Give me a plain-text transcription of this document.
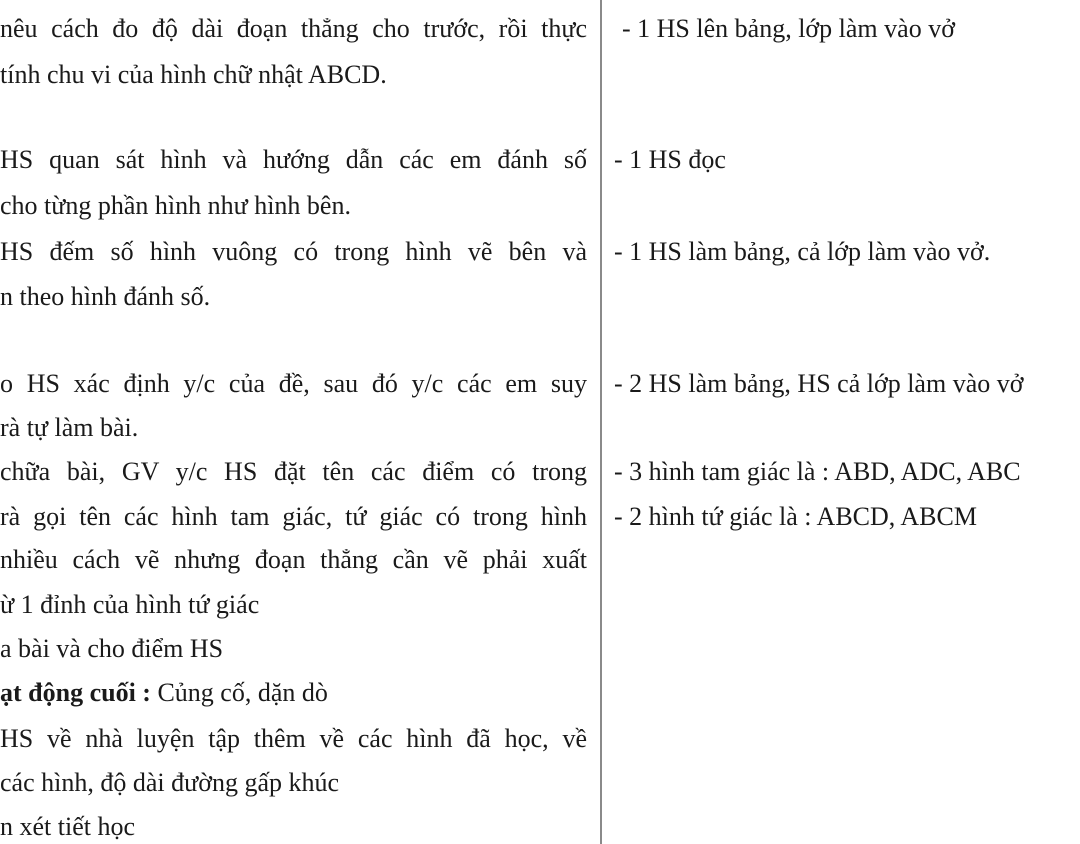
nêu cách đo độ dài đoạn thẳng cho trước, rồi thực
tính chu vi của hình chữ nhật ABCD.
HS quan sát hình và hướng dẫn các em đánh số
cho từng phần hình như hình bên.
HS đếm số hình vuông có trong hình vẽ bên và
n theo hình đánh số.
o HS xác định y/c của đề, sau đó y/c các em suy
rà tự làm bài.
chữa bài, GV y/c HS đặt tên các điểm có trong
rà gọi tên các hình tam giác, tứ giác có trong hình
nhiều cách vẽ nhưng đoạn thẳng cần vẽ phải xuất
ừ 1 đỉnh của hình tứ giác
a bài và cho điểm HS
ạt động cuối : Củng cố, dặn dò
HS về nhà luyện tập thêm về các hình đã học, về
các hình, độ dài đường gấp khúc
n xét tiết học
- 1 HS lên bảng, lớp làm vào vở
- 1 HS đọc
- 1 HS làm bảng, cả lớp làm vào vở.
- 2 HS làm bảng, HS cả lớp làm vào vở
- 3 hình tam giác là : ABD, ADC, ABC
- 2 hình tứ giác là : ABCD, ABCM
